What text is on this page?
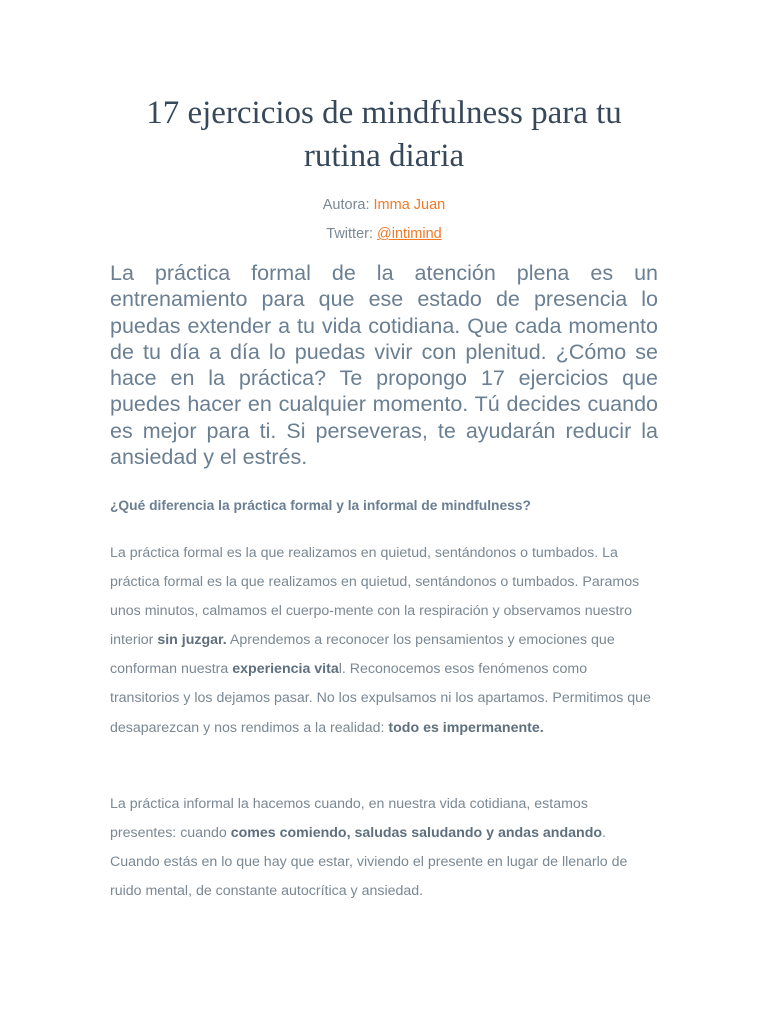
17 ejercicios de mindfulness para tu rutina diaria
Autora: Imma Juan
Twitter: @intimind

La práctica formal de la atención plena es un entrenamiento para que ese estado de presencia lo puedas extender a tu vida cotidiana. Que cada momento de tu día a día lo puedas vivir con plenitud. ¿Cómo se hace en la práctica? Te propongo 17 ejercicios que puedes hacer en cualquier momento. Tú decides cuando es mejor para ti. Si perseveras, te ayudarán reducir la ansiedad y el estrés.

¿Qué diferencia la práctica formal y la informal de mindfulness?

La práctica formal es la que realizamos en quietud, sentándonos o tumbados. La práctica formal es la que realizamos en quietud, sentándonos o tumbados. Paramos unos minutos, calmamos el cuerpo-mente con la respiración y observamos nuestro interior sin juzgar. Aprendemos a reconocer los pensamientos y emociones que conforman nuestra experiencia vital. Reconocemos esos fenómenos como transitorios y los dejamos pasar. No los expulsamos ni los apartamos. Permitimos que desaparezcan y nos rendimos a la realidad: todo es impermanente.

La práctica informal la hacemos cuando, en nuestra vida cotidiana, estamos presentes: cuando comes comiendo, saludas saludando y andas andando. Cuando estás en lo que hay que estar, viviendo el presente en lugar de llenarlo de ruido mental, de constante autocrítica y ansiedad.
